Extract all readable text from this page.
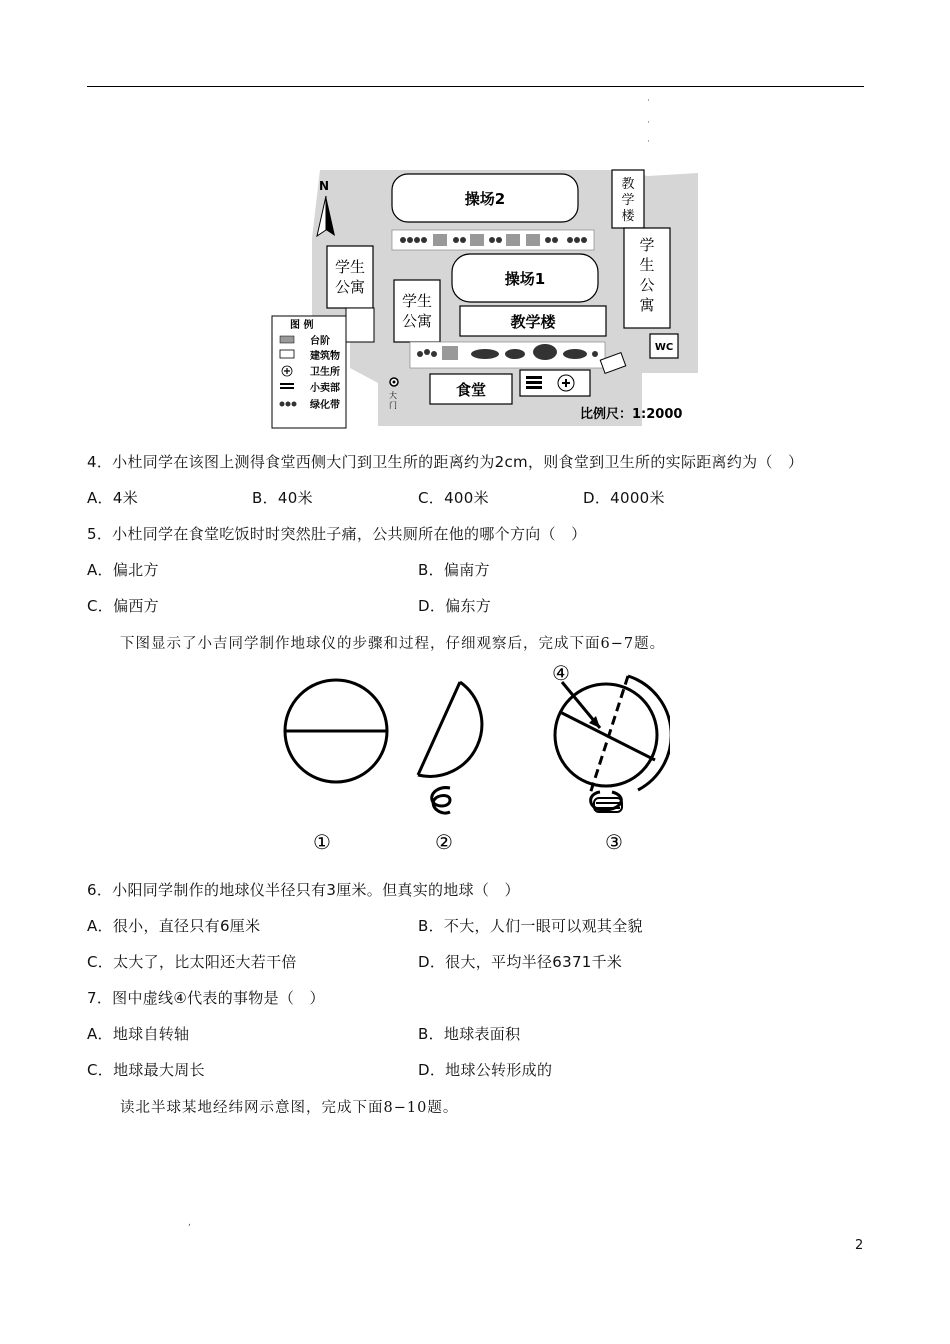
·
·
·
N
操场2
教
学
楼
学
生
公
寓
学生
公寓	操场1
学生
公寓	教学楼
WC
食堂
大
门
比例尺：1:2000
图 例
台阶
建筑物
卫生所
小卖部
绿化带
4．小杜同学在该图上测得食堂西侧大门到卫生所的距离约为2cm，则食堂到卫生所的实际距离约为（　）
A．4米	B．40米	C．400米	D．4000米
5．小杜同学在食堂吃饭时时突然肚子痛，公共厕所在他的哪个方向（　）
A．偏北方	B．偏南方
C．偏西方	D．偏东方
下图显示了小吉同学制作地球仪的步骤和过程，仔细观察后，完成下面6−7题。
①	②
④
③
6．小阳同学制作的地球仪半径只有3厘米。但真实的地球（　）
A．很小，直径只有6厘米	B．不大，人们一眼可以观其全貌
C．太大了，比太阳还大若干倍	D．很大，平均半径6371千米
7．图中虚线④代表的事物是（　）
A．地球自转轴	B．地球表面积
C．地球最大周长	D．地球公转形成的
读北半球某地经纬网示意图，完成下面8−10题。
,
2
